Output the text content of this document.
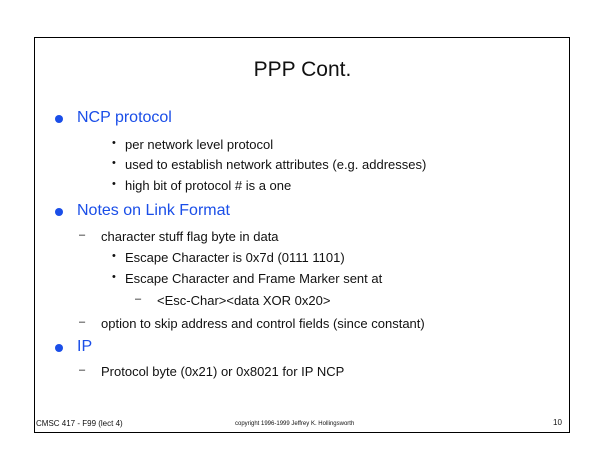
PPP Cont.
NCP protocol
• per network level protocol
• used to establish network attributes (e.g. addresses)
• high bit of protocol # is a one
Notes on Link Format
– character stuff flag byte in data
• Escape Character is 0x7d (0111 1101)
• Escape Character and Frame Marker sent at
– <Esc-Char><data XOR 0x20>
– option to skip address and control fields (since constant)
IP
– Protocol byte (0x21) or 0x8021 for IP NCP
CMSC 417 - F99 (lect 4)	copyright 1996-1999 Jeffrey K. Hollingsworth	10
